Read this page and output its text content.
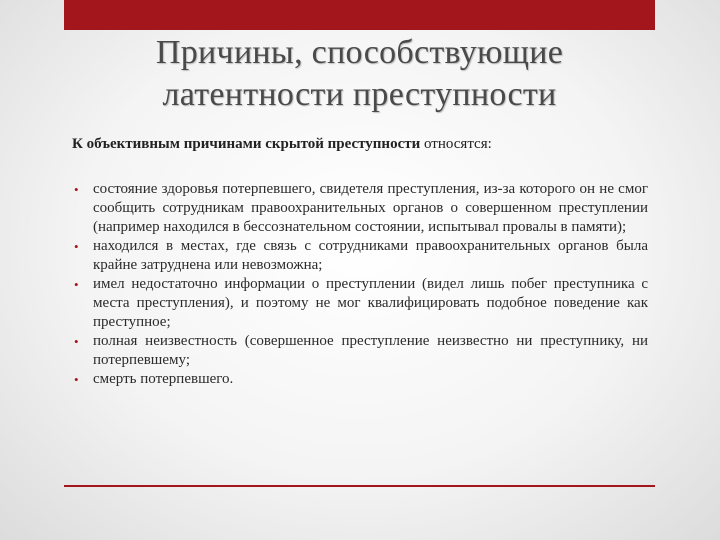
Причины, способствующие
латентности преступности
К объективным причинами скрытой преступности относятся:
• состояние здоровья потерпевшего, свидетеля преступления, из-за которого он не смог сообщить сотрудникам правоохранительных органов о совершенном преступлении (например находился в бессознательном состоянии, испытывал провалы в памяти);
• находился в местах, где связь с сотрудниками правоохранительных органов была крайне затруднена или невозможна;
• имел недостаточно информации о преступлении (видел лишь побег преступника с места преступления), и поэтому не мог квалифицировать подобное поведение как преступное;
• полная неизвестность (совершенное преступление неизвестно ни преступнику, ни потерпевшему;
• смерть потерпевшего.
